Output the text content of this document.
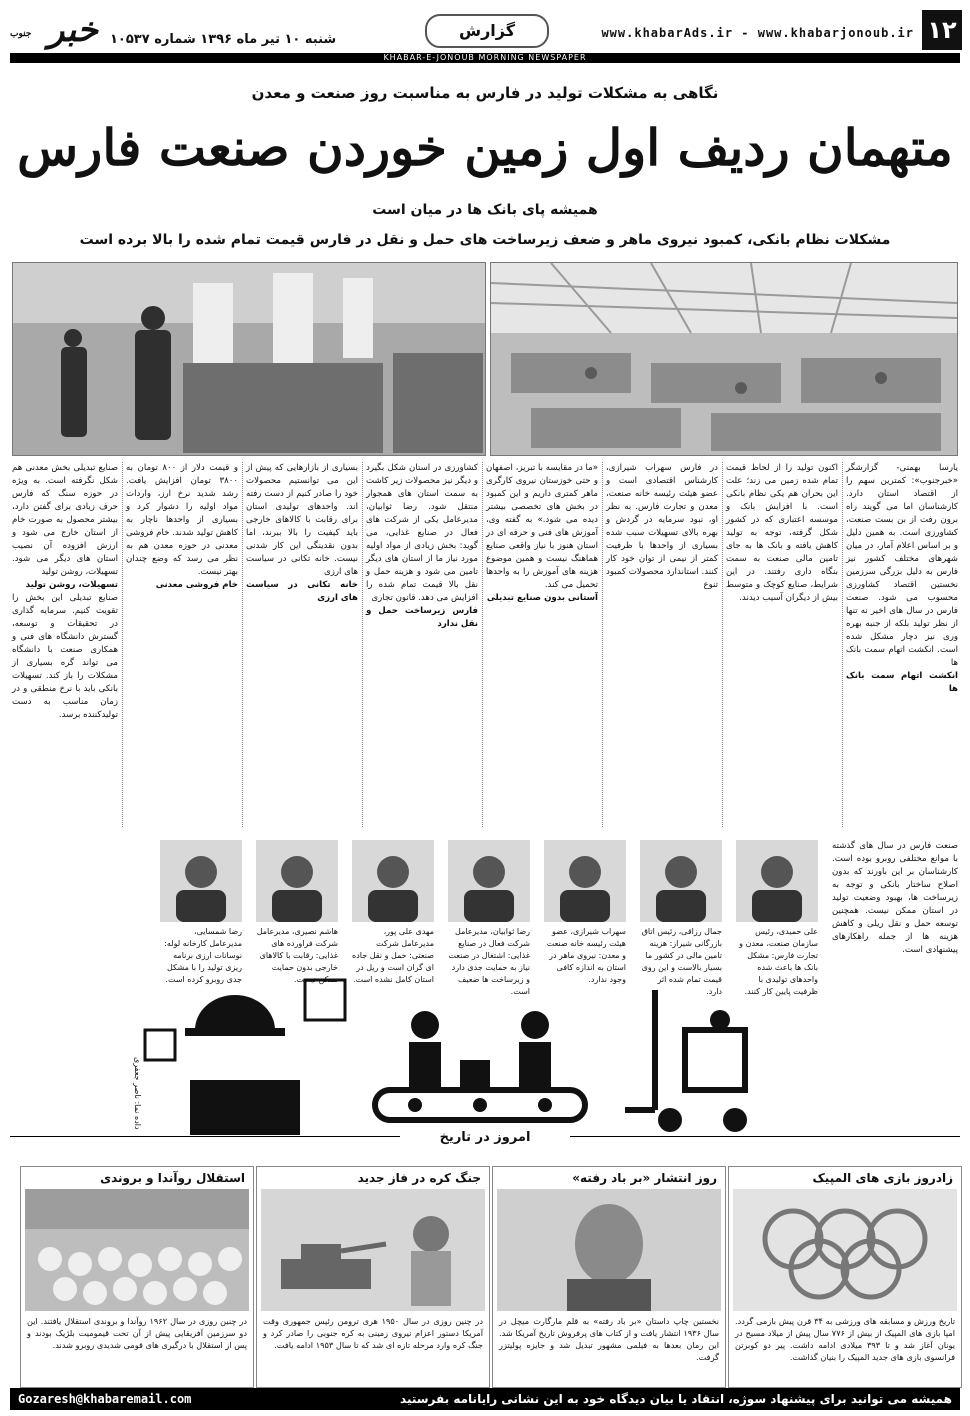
۱۲
www.khabarAds.ir - www.khabarjonoub.ir
گزارش
خبر
جنوب	شنبه ۱۰ تیر ماه ۱۳۹۶ شماره ۱۰۵۳۷
KHABAR-E-JONOUB MORNING NEWSPAPER
نگاهی به مشکلات تولید در فارس به مناسبت روز صنعت و معدن
متهمان ردیف اول زمین خوردن صنعت فارس
همیشه پای بانک ها در میان است
مشکلات نظام بانکی، کمبود نیروی ماهر و ضعف زیرساخت های حمل و نقل در فارس قیمت تمام شده را بالا برده است
یارسا بهمنی- گزارشگر «خبرجنوب»: کمترین سهم را از اقتصاد استان دارد. کارشناسان اما می گویند راه برون رفت از بن بست صنعت، کشاورزی است. به همین دلیل و بر اساس اعلام آمار، در میان شهرهای مختلف کشور نیز فارس به دلیل بزرگی سرزمین نخستین اقتصاد کشاورزی محسوب می شود. صنعت فارس در سال های اخیر نه تنها از نظر تولید بلکه از جنبه بهره وری نیز دچار مشکل شده است. انکشت اتهام سمت بانک ها
انکشت اتهام سمت بانک ها
اکنون تولید را از لحاظ قیمت تمام شده زمین می زند؛ علت این بحران هم یکی نظام بانکی است. با افزایش بانک و موسسه اعتباری که در کشور شکل گرفته، توجه به تولید کاهش یافته و بانک ها به جای تامین مالی صنعت به سمت بنگاه داری رفتند. در این شرایط، صنایع کوچک و متوسط بیش از دیگران آسیب دیدند.
در فارس سهراب شیرازی، کارشناس اقتصادی است و عضو هیئت رئیسه خانه صنعت، معدن و تجارت فارس. به نظر او، نبود سرمایه در گردش و بهره بالای تسهیلات سبب شده بسیاری از واحدها با ظرفیت کمتر از نیمی از توان خود کار کنند. استاندارد محصولات کمبود تنوع
«ما در مقایسه با تبریز، اصفهان و حتی خوزستان نیروی کارگری ماهر کمتری داریم و این کمبود در بخش های تخصصی بیشتر دیده می شود.» به گفته وی، آموزش های فنی و حرفه ای در استان هنوز با نیاز واقعی صنایع هماهنگ نیست و همین موضوع هزینه های آموزش را به واحدها تحمیل می کند.
آستانی بدون صنایع تبدیلی
کشاورزی در استان شکل بگیرد و دیگر نیز محصولات زیر کاشت به سمت استان های همجوار منتقل شود. رضا ثوابیان، مدیرعامل یکی از شرکت های فعال در صنایع غذایی، می گوید: بخش زیادی از مواد اولیه مورد نیاز ما از استان های دیگر تامین می شود و هزینه حمل و نقل بالا قیمت تمام شده را افزایش می دهد. قانون تجاری
فارس زیرساخت حمل و نقل ندارد
بسیاری از بازارهایی که پیش از این می توانستیم محصولات خود را صادر کنیم از دست رفته اند. واحدهای تولیدی استان برای رقابت با کالاهای خارجی باید کیفیت را بالا ببرند، اما بدون نقدینگی این کار شدنی نیست. خانه تکانی در سیاست های ارزی
خانه تکانی در سیاست های ارزی
و قیمت دلار از ۸۰۰ تومان به ۳۸۰۰ تومان افزایش یافت. رشد شدید نرخ ارز، واردات مواد اولیه را دشوار کرد و بسیاری از واحدها ناچار به کاهش تولید شدند. خام فروشی معدنی در حوزه معدن هم به نظر می رسد که وضع چندان بهتر نیست.
خام فروشی معدنی
صنایع تبدیلی بخش معدنی هم شکل نگرفته است. به ویژه در حوزه سنگ که فارس حرف زیادی برای گفتن دارد، بیشتر محصول به صورت خام از استان خارج می شود و ارزش افزوده آن نصیب استان های دیگر می شود. تسهیلات، روشن تولید
تسهیلات، روشن تولید
صنایع تبدیلی این بخش را تقویت کنیم. سرمایه گذاری در تحقیقات و توسعه، گسترش دانشگاه های فنی و همکاری صنعت با دانشگاه می تواند گره بسیاری از مشکلات را باز کند. تسهیلات بانکی باید با نرخ منطقی و در زمان مناسب به دست تولیدکننده برسد.
علی حمیدی، رئیس سازمان صنعت، معدن و تجارت فارس: مشکل بانک ها باعث شده واحدهای تولیدی با ظرفیت پایین کار کنند.
جمال رزاقی، رئیس اتاق بازرگانی شیراز: هزینه تامین مالی در کشور ما بسیار بالاست و این روی قیمت تمام شده اثر دارد.
سهراب شیرازی، عضو هیئت رئیسه خانه صنعت و معدن: نیروی ماهر در استان به اندازه کافی وجود ندارد.
رضا ثوابیان، مدیرعامل شرکت فعال در صنایع غذایی: اشتغال در صنعت نیاز به حمایت جدی دارد و زیرساخت ها ضعیف است.
مهدی علی پور، مدیرعامل شرکت صنعتی: حمل و نقل جاده ای گران است و ریل در استان کامل نشده است.
هاشم نصیری، مدیرعامل شرکت فراورده های غذایی: رقابت با کالاهای خارجی بدون حمایت ممکن نیست.
رضا شمسایی، مدیرعامل کارخانه لوله: نوسانات ارزی برنامه ریزی تولید را با مشکل جدی روبرو کرده است.
صنعت فارس در سال های گذشته با موانع مختلفی روبرو بوده است. کارشناسان بر این باورند که بدون اصلاح ساختار بانکی و توجه به زیرساخت ها، بهبود وضعیت تولید در استان ممکن نیست. همچنین توسعه حمل و نقل ریلی و کاهش هزینه ها از جمله راهکارهای پیشنهادی است.
داده نما: ناصر جعفری
امروز در تاریخ
زادروز بازی های المپیک
تاریخ ورزش و مسابقه های ورزشی به ۳۴ قرن پیش بازمی گردد. امپا بازی های المپیک از بیش از ۷۷۶ سال پیش از میلاد مسیح در یونان آغاز شد و تا ۳۹۳ میلادی ادامه داشت. پیر دو کوبرتن فرانسوی بازی های جدید المپیک را بنیان گذاشت.
روز انتشار «بر باد رفته»
نخستین چاپ داستان «بر باد رفته» به قلم مارگارت میچل در سال ۱۹۳۶ انتشار یافت و از کتاب های پرفروش تاریخ آمریکا شد. این رمان بعدها به فیلمی مشهور تبدیل شد و جایزه پولیتزر گرفت.
جنگ کره در فاز جدید
در چنین روزی در سال ۱۹۵۰ هری ترومن رئیس جمهوری وقت آمریکا دستور اعزام نیروی زمینی به کره جنوبی را صادر کرد و جنگ کره وارد مرحله تازه ای شد که تا سال ۱۹۵۳ ادامه یافت.
استقلال روآندا و بروندی
در چنین روزی در سال ۱۹۶۲ روآندا و بروندی استقلال یافتند. این دو سرزمین آفریقایی پیش از آن تحت قیمومیت بلژیک بودند و پس از استقلال با درگیری های قومی شدیدی روبرو شدند.
همیشه می توانید برای پیشنهاد سوژه، انتقاد یا بیان دیدگاه خود به این نشانی رایانامه بفرستید
Gozaresh@khabaremail.com
